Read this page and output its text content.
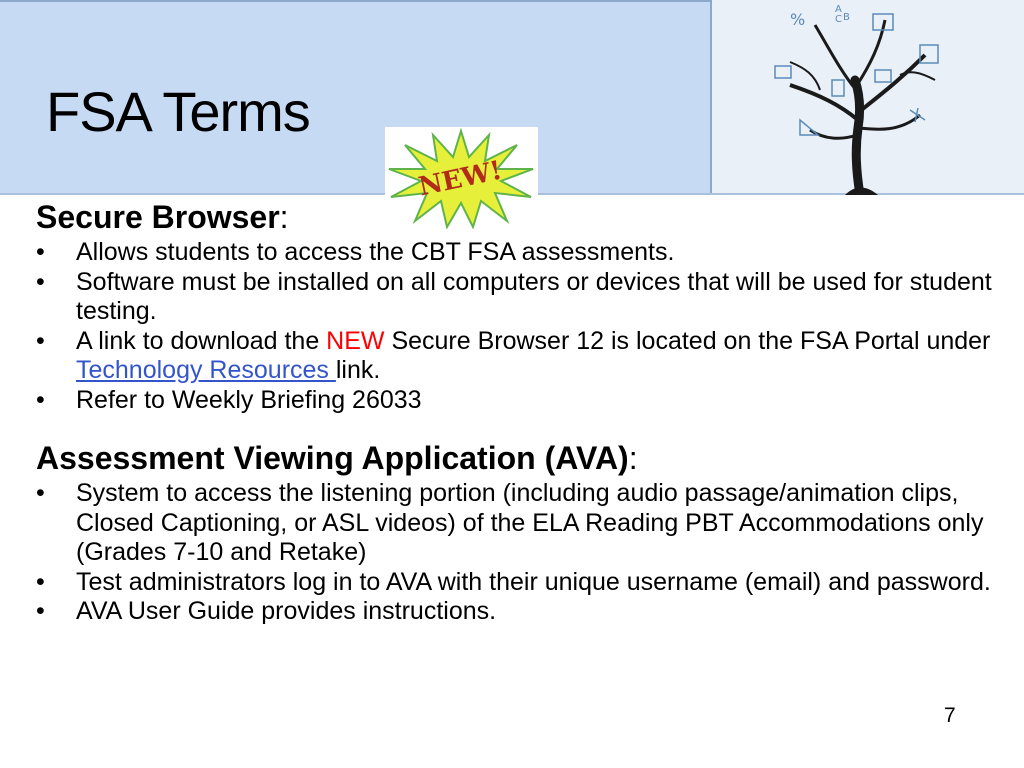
FSA Terms
%
A
C B
NEW!

Secure Browser:

• Allows students to access the CBT FSA assessments.
• Software must be installed on all computers or devices that will be used for student testing.
• A link to download the NEW Secure Browser 12 is located on the FSA Portal under Technology Resources link.
• Refer to Weekly Briefing 26033

Assessment Viewing Application (AVA):

• System to access the listening portion (including audio passage/animation clips, Closed Captioning, or ASL videos) of the ELA Reading PBT Accommodations only (Grades 7-10 and Retake)
• Test administrators log in to AVA with their unique username (email) and password.
• AVA User Guide provides instructions.
7
